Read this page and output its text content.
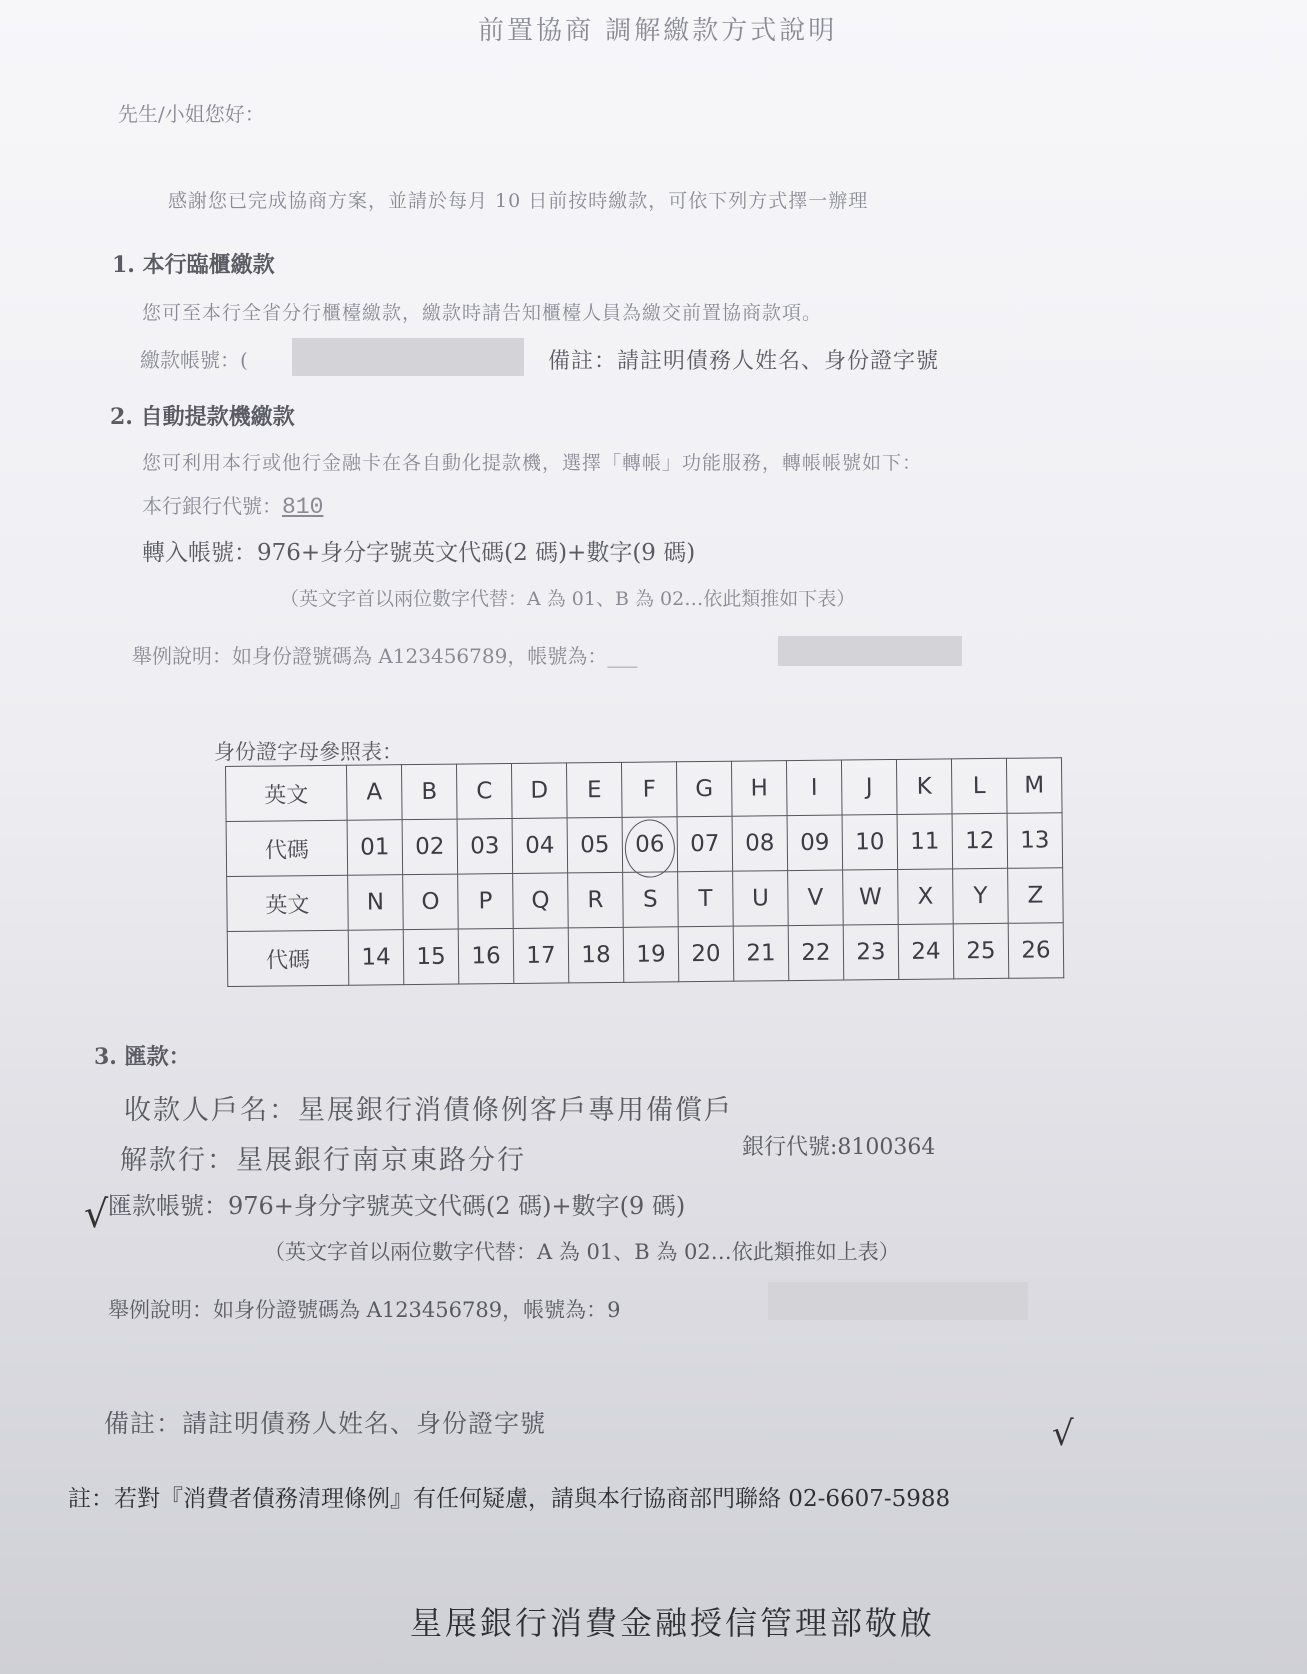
前置協商 調解繳款方式說明
先生/小姐您好：
感謝您已完成協商方案，並請於每月 10 日前按時繳款，可依下列方式擇一辦理
1. 本行臨櫃繳款
您可至本行全省分行櫃檯繳款，繳款時請告知櫃檯人員為繳交前置協商款項。
繳款帳號：(	備註：請註明債務人姓名、身份證字號
2. 自動提款機繳款
您可利用本行或他行金融卡在各自動化提款機，選擇「轉帳」功能服務，轉帳帳號如下：
本行銀行代號：810
轉入帳號：976+身分字號英文代碼(2 碼)+數字(9 碼)
（英文字首以兩位數字代替：A 為 01、B 為 02…依此類推如下表）
舉例說明：如身份證號碼為 A123456789，帳號為：___
身份證字母參照表：
英文	A	B	C	D	E	F	G	H	I	J	K	L	M
代碼	01	02	03	04	05	06	07	08	09	10	11	12	13
英文	N	O	P	Q	R	S	T	U	V	W	X	Y	Z
代碼	14	15	16	17	18	19	20	21	22	23	24	25	26
3. 匯款：
收款人戶名：星展銀行消債條例客戶專用備償戶
解款行：星展銀行南京東路分行	銀行代號:8100364
√ 匯款帳號：976+身分字號英文代碼(2 碼)+數字(9 碼)
（英文字首以兩位數字代替：A 為 01、B 為 02…依此類推如上表）
舉例說明：如身份證號碼為 A123456789，帳號為：9
備註：請註明債務人姓名、身份證字號	√
註：若對『消費者債務清理條例』有任何疑慮，請與本行協商部門聯絡 02-6607-5988
星展銀行消費金融授信管理部敬啟
